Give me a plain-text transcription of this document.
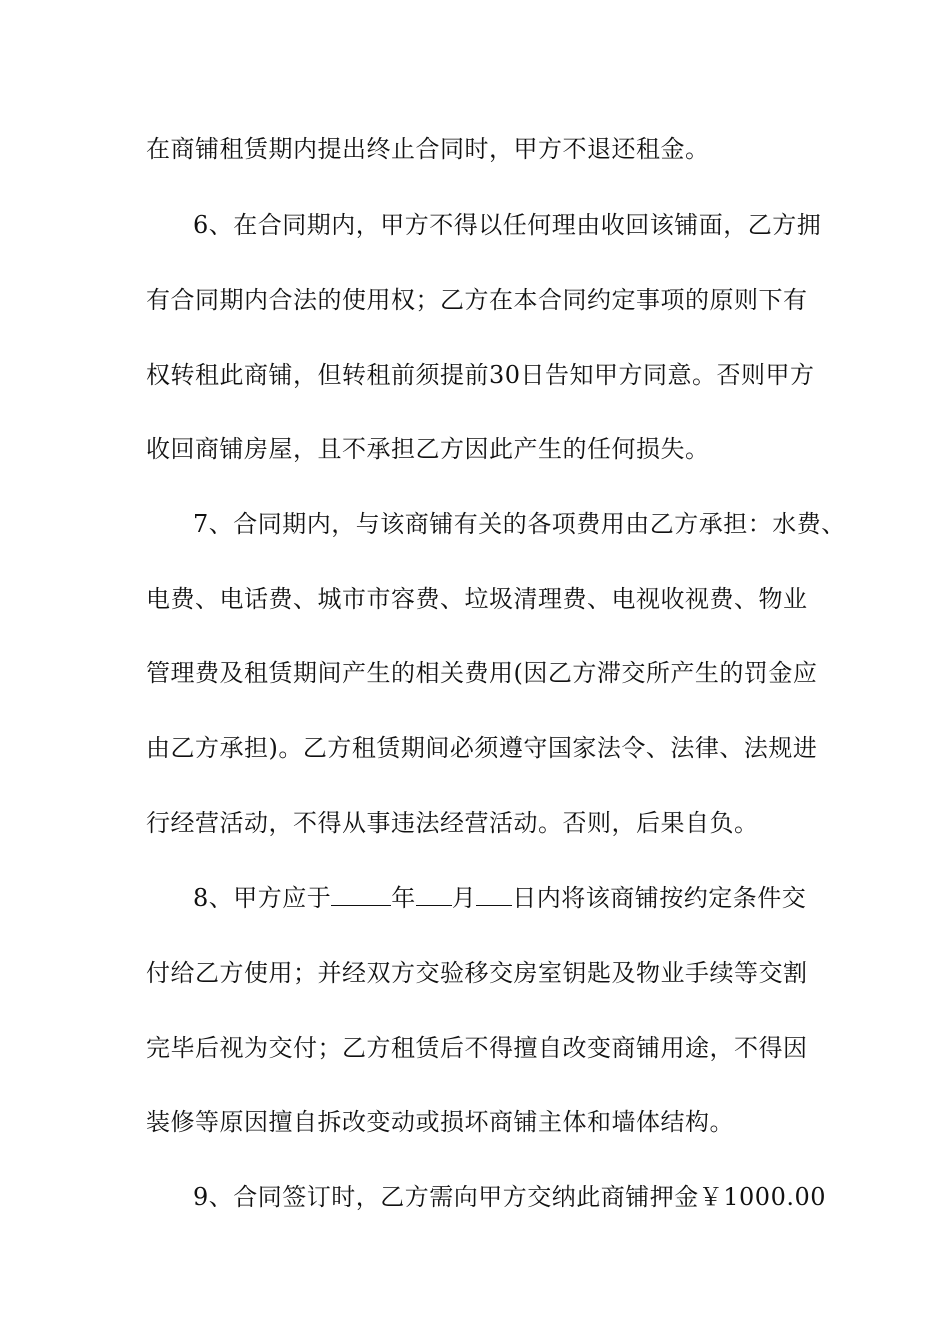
在商铺租赁期内提出终止合同时，甲方不退还租金。
6、在合同期内，甲方不得以任何理由收回该铺面，乙方拥
有合同期内合法的使用权；乙方在本合同约定事项的原则下有
权转租此商铺，但转租前须提前30日告知甲方同意。否则甲方
收回商铺房屋，且不承担乙方因此产生的任何损失。
7、合同期内，与该商铺有关的各项费用由乙方承担：水费、
电费、电话费、城市市容费、垃圾清理费、电视收视费、物业
管理费及租赁期间产生的相关费用(因乙方滞交所产生的罚金应
由乙方承担)。乙方租赁期间必须遵守国家法令、法律、法规进
行经营活动，不得从事违法经营活动。否则，后果自负。
8、甲方应于	年 月 日内将该商铺按约定条件交
付给乙方使用；并经双方交验移交房室钥匙及物业手续等交割
完毕后视为交付；乙方租赁后不得擅自改变商铺用途，不得因
装修等原因擅自拆改变动或损坏商铺主体和墙体结构。
9、合同签订时，乙方需向甲方交纳此商铺押金￥1000.00
